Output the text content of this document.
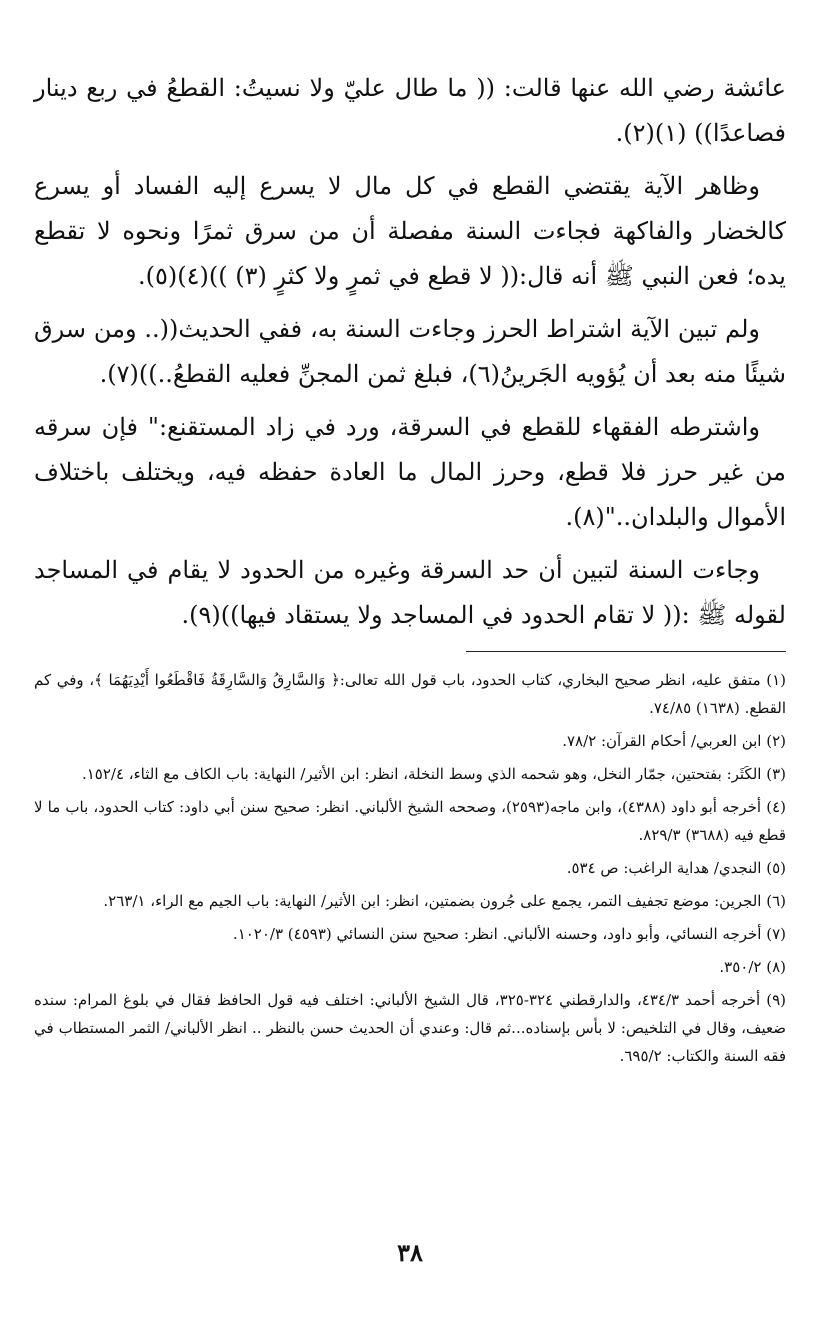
عائشة رضي الله عنها قالت: (( ما طال عليّ ولا نسيتُ: القطعُ في ربع دينار فصاعدًا)) (١)(٢).

وظاهر الآية يقتضي القطع في كل مال لا يسرع إليه الفساد أو يسرع كالخضار والفاكهة فجاءت السنة مفصلة أن من سرق ثمرًا ونحوه لا تقطع يده؛ فعن النبي ﷺ أنه قال:(( لا قطع في ثمرٍ ولا كثرٍ (٣) ))(٤)(٥).

ولم تبين الآية اشتراط الحرز وجاءت السنة به، ففي الحديث((.. ومن سرق شيئًا منه بعد أن يُؤويه الجَرينُ(٦)، فبلغ ثمن المجنِّ فعليه القطعُ..))(٧).

واشترطه الفقهاء للقطع في السرقة، ورد في زاد المستقنع:" فإن سرقه من غير حرز فلا قطع، وحرز المال ما العادة حفظه فيه، ويختلف باختلاف الأموال والبلدان.."(٨).

وجاءت السنة لتبين أن حد السرقة وغيره من الحدود لا يقام في المساجد لقوله ﷺ :(( لا تقام الحدود في المساجد ولا يستقاد فيها))(٩).

(١) متفق عليه، انظر صحيح البخاري، كتاب الحدود، باب قول الله تعالى:﴿ وَالسَّارِقُ وَالسَّارِقَةُ فَاقْطَعُوا أَيْدِيَهُمَا ﴾، وفي كم القطع. (١٦٣٨) ٧٤/٨٥.

(٢) ابن العربي/ أحكام القرآن: ٧٨/٢.

(٣) الكَثَر: بفتحتين، جمّار النخل، وهو شحمه الذي وسط النخلة، انظر: ابن الأثير/ النهاية: باب الكاف مع الثاء، ١٥٢/٤.

(٤) أخرجه أبو داود (٤٣٨٨)، وابن ماجه(٢٥٩٣)، وصححه الشيخ الألباني. انظر: صحيح سنن أبي داود: كتاب الحدود، باب ما لا قطع فيه (٣٦٨٨) ٨٢٩/٣.

(٥) النجدي/ هداية الراغب: ص ٥٣٤.

(٦) الجرين: موضع تجفيف التمر، يجمع على جُرون بضمتين، انظر: ابن الأثير/ النهاية: باب الجيم مع الراء، ٢٦٣/١.

(٧) أخرجه النسائي، وأبو داود، وحسنه الألباني. انظر: صحيح سنن النسائي (٤٥٩٣) ١٠٢٠/٣.

(٨) ٣٥٠/٢.

(٩) أخرجه أحمد ٤٣٤/٣، والدارقطني ٣٢٤-٣٢٥، قال الشيخ الألباني: اختلف فيه قول الحافظ فقال في بلوغ المرام: سنده ضعيف، وقال في التلخيص: لا بأس بإسناده...ثم قال: وعندي أن الحديث حسن بالنظر .. انظر الألباني/ الثمر المستطاب في فقه السنة والكتاب: ٦٩٥/٢.

٣٨
